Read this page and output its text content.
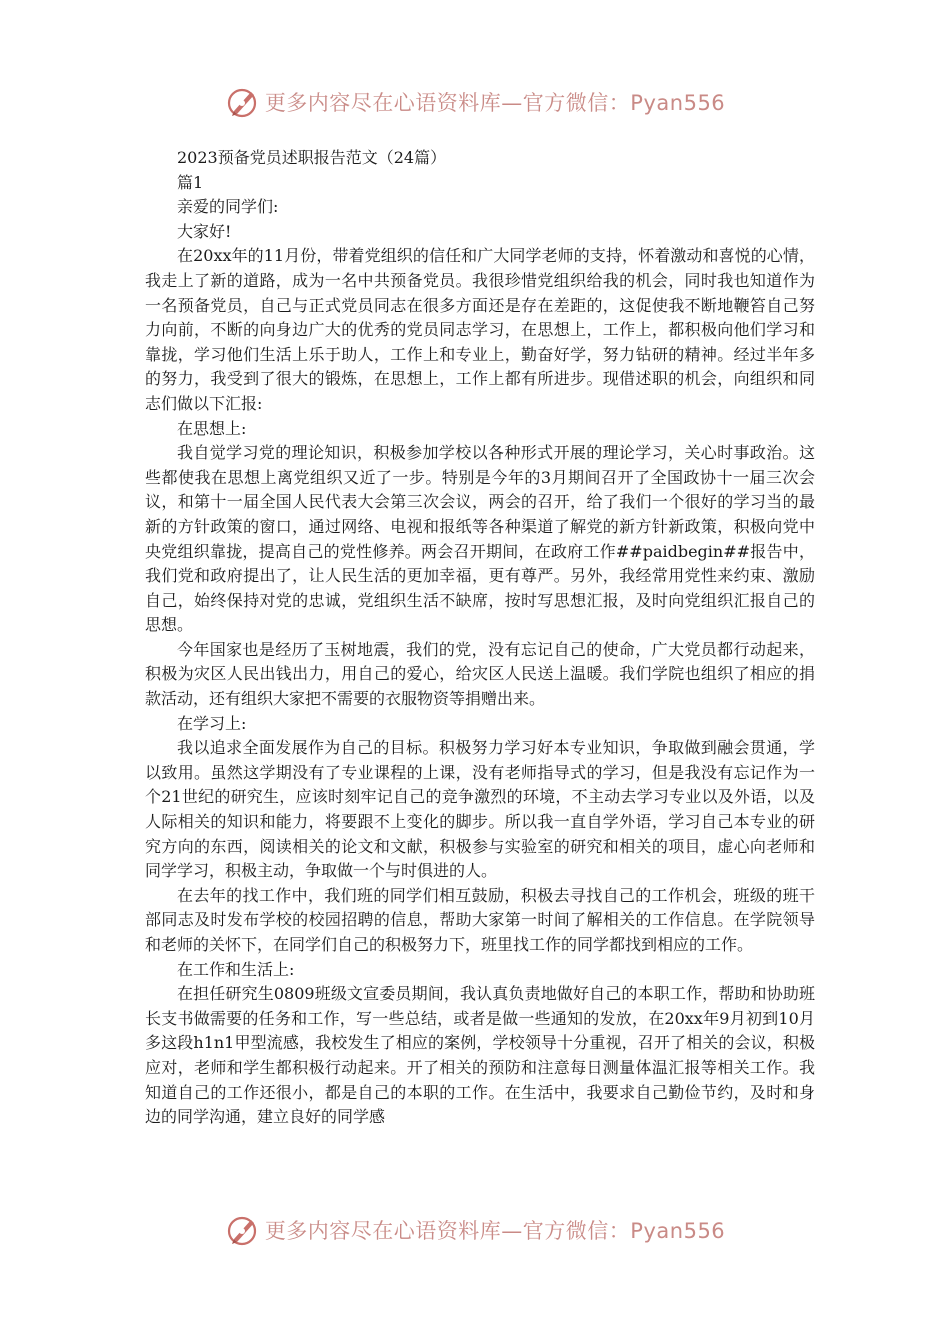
更多内容尽在心语资料库—官方微信：Pyan556
2023预备党员述职报告范文（24篇）
篇1
亲爱的同学们:
大家好!

在20xx年的11月份，带着党组织的信任和广大同学老师的支持，怀着激动和喜悦的心情，我走上了新的道路，成为一名中共预备党员。我很珍惜党组织给我的机会，同时我也知道作为一名预备党员，自己与正式党员同志在很多方面还是存在差距的，这促使我不断地鞭笞自己努力向前，不断的向身边广大的优秀的党员同志学习，在思想上，工作上，都积极向他们学习和靠拢，学习他们生活上乐于助人，工作上和专业上，勤奋好学，努力钻研的精神。经过半年多的努力，我受到了很大的锻炼，在思想上，工作上都有所进步。现借述职的机会，向组织和同志们做以下汇报:

在思想上:

我自觉学习党的理论知识，积极参加学校以各种形式开展的理论学习，关心时事政治。这些都使我在思想上离党组织又近了一步。特别是今年的3月期间召开了全国政协十一届三次会议，和第十一届全国人民代表大会第三次会议，两会的召开，给了我们一个很好的学习当的最新的方针政策的窗口，通过网络、电视和报纸等各种渠道了解党的新方针新政策，积极向党中央党组织靠拢，提高自己的党性修养。两会召开期间，在政府工作##paidbegin##报告中，我们党和政府提出了，让人民生活的更加幸福，更有尊严。另外，我经常用党性来约束、激励自己，始终保持对党的忠诚，党组织生活不缺席，按时写思想汇报，及时向党组织汇报自己的思想。

今年国家也是经历了玉树地震，我们的党，没有忘记自己的使命，广大党员都行动起来，积极为灾区人民出钱出力，用自己的爱心，给灾区人民送上温暖。我们学院也组织了相应的捐款活动，还有组织大家把不需要的衣服物资等捐赠出来。

在学习上:

我以追求全面发展作为自己的目标。积极努力学习好本专业知识，争取做到融会贯通，学以致用。虽然这学期没有了专业课程的上课，没有老师指导式的学习，但是我没有忘记作为一个21世纪的研究生，应该时刻牢记自己的竞争激烈的环境，不主动去学习专业以及外语，以及人际相关的知识和能力，将要跟不上变化的脚步。所以我一直自学外语，学习自己本专业的研究方向的东西，阅读相关的论文和文献，积极参与实验室的研究和相关的项目，虚心向老师和同学学习，积极主动，争取做一个与时俱进的人。

在去年的找工作中，我们班的同学们相互鼓励，积极去寻找自己的工作机会，班级的班干部同志及时发布学校的校园招聘的信息，帮助大家第一时间了解相关的工作信息。在学院领导和老师的关怀下，在同学们自己的积极努力下，班里找工作的同学都找到相应的工作。

在工作和生活上:

在担任研究生0809班级文宣委员期间，我认真负责地做好自己的本职工作，帮助和协助班长支书做需要的任务和工作，写一些总结，或者是做一些通知的发放，在20xx年9月初到10月多这段h1n1甲型流感，我校发生了相应的案例，学校领导十分重视，召开了相关的会议，积极应对，老师和学生都积极行动起来。开了相关的预防和注意每日测量体温汇报等相关工作。我知道自己的工作还很小，都是自己的本职的工作。在生活中，我要求自己勤俭节约，及时和身边的同学沟通，建立良好的同学感

更多内容尽在心语资料库—官方微信：Pyan556
